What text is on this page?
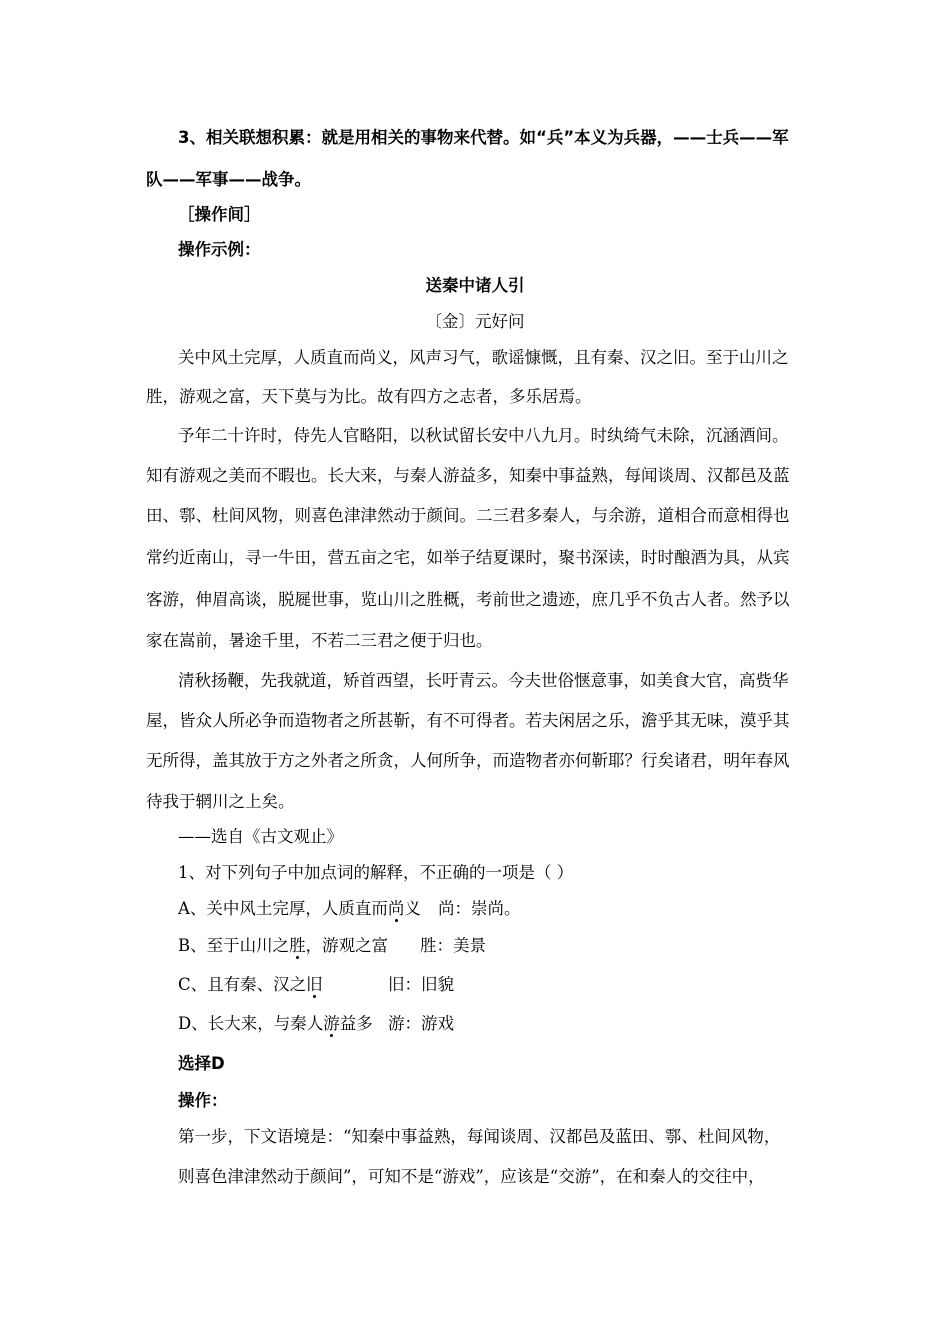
3、相关联想积累：就是用相关的事物来代替。如“兵”本义为兵器，——士兵——军
队——军事——战争。
［操作间］
操作示例：
送秦中诸人引
〔金〕元好问
关中风土完厚，人质直而尚义，风声习气，歌谣慷慨，且有秦、汉之旧。至于山川之
胜，游观之富，天下莫与为比。故有四方之志者，多乐居焉。
予年二十许时，侍先人官略阳，以秋试留长安中八九月。时纨绮气未除，沉涵酒间。
知有游观之美而不暇也。长大来，与秦人游益多，知秦中事益熟，每闻谈周、汉都邑及蓝
田、鄠、杜间风物，则喜色津津然动于颜间。二三君多秦人，与余游，道相合而意相得也
常约近南山，寻一牛田，营五亩之宅，如举子结夏课时，聚书深读，时时酿酒为具，从宾
客游，伸眉高谈，脱屣世事，览山川之胜概，考前世之遗迹，庶几乎不负古人者。然予以
家在嵩前，暑途千里，不若二三君之便于归也。
清秋扬鞭，先我就道，矫首西望，长吁青云。今夫世俗惬意事，如美食大官，高赀华
屋，皆众人所必争而造物者之所甚靳，有不可得者。若夫闲居之乐，澹乎其无味，漠乎其
无所得，盖其放于方之外者之所贪，人何所争，而造物者亦何靳耶？行矣诸君，明年春风
待我于辋川之上矣。
——选自《古文观止》
1、对下列句子中加点词的解释，不正确的一项是（ ）
A、关中风土完厚，人质直而尚义 尚：崇尚。
B、至于山川之胜，游观之富 胜：美景
C、且有秦、汉之旧	旧：旧貌
D、长大来，与秦人游益多 游：游戏
选择D
操作：
第一步，下文语境是：“知秦中事益熟，每闻谈周、汉都邑及蓝田、鄠、杜间风物，
则喜色津津然动于颜间”，可知不是“游戏”，应该是“交游”，在和秦人的交往中，
